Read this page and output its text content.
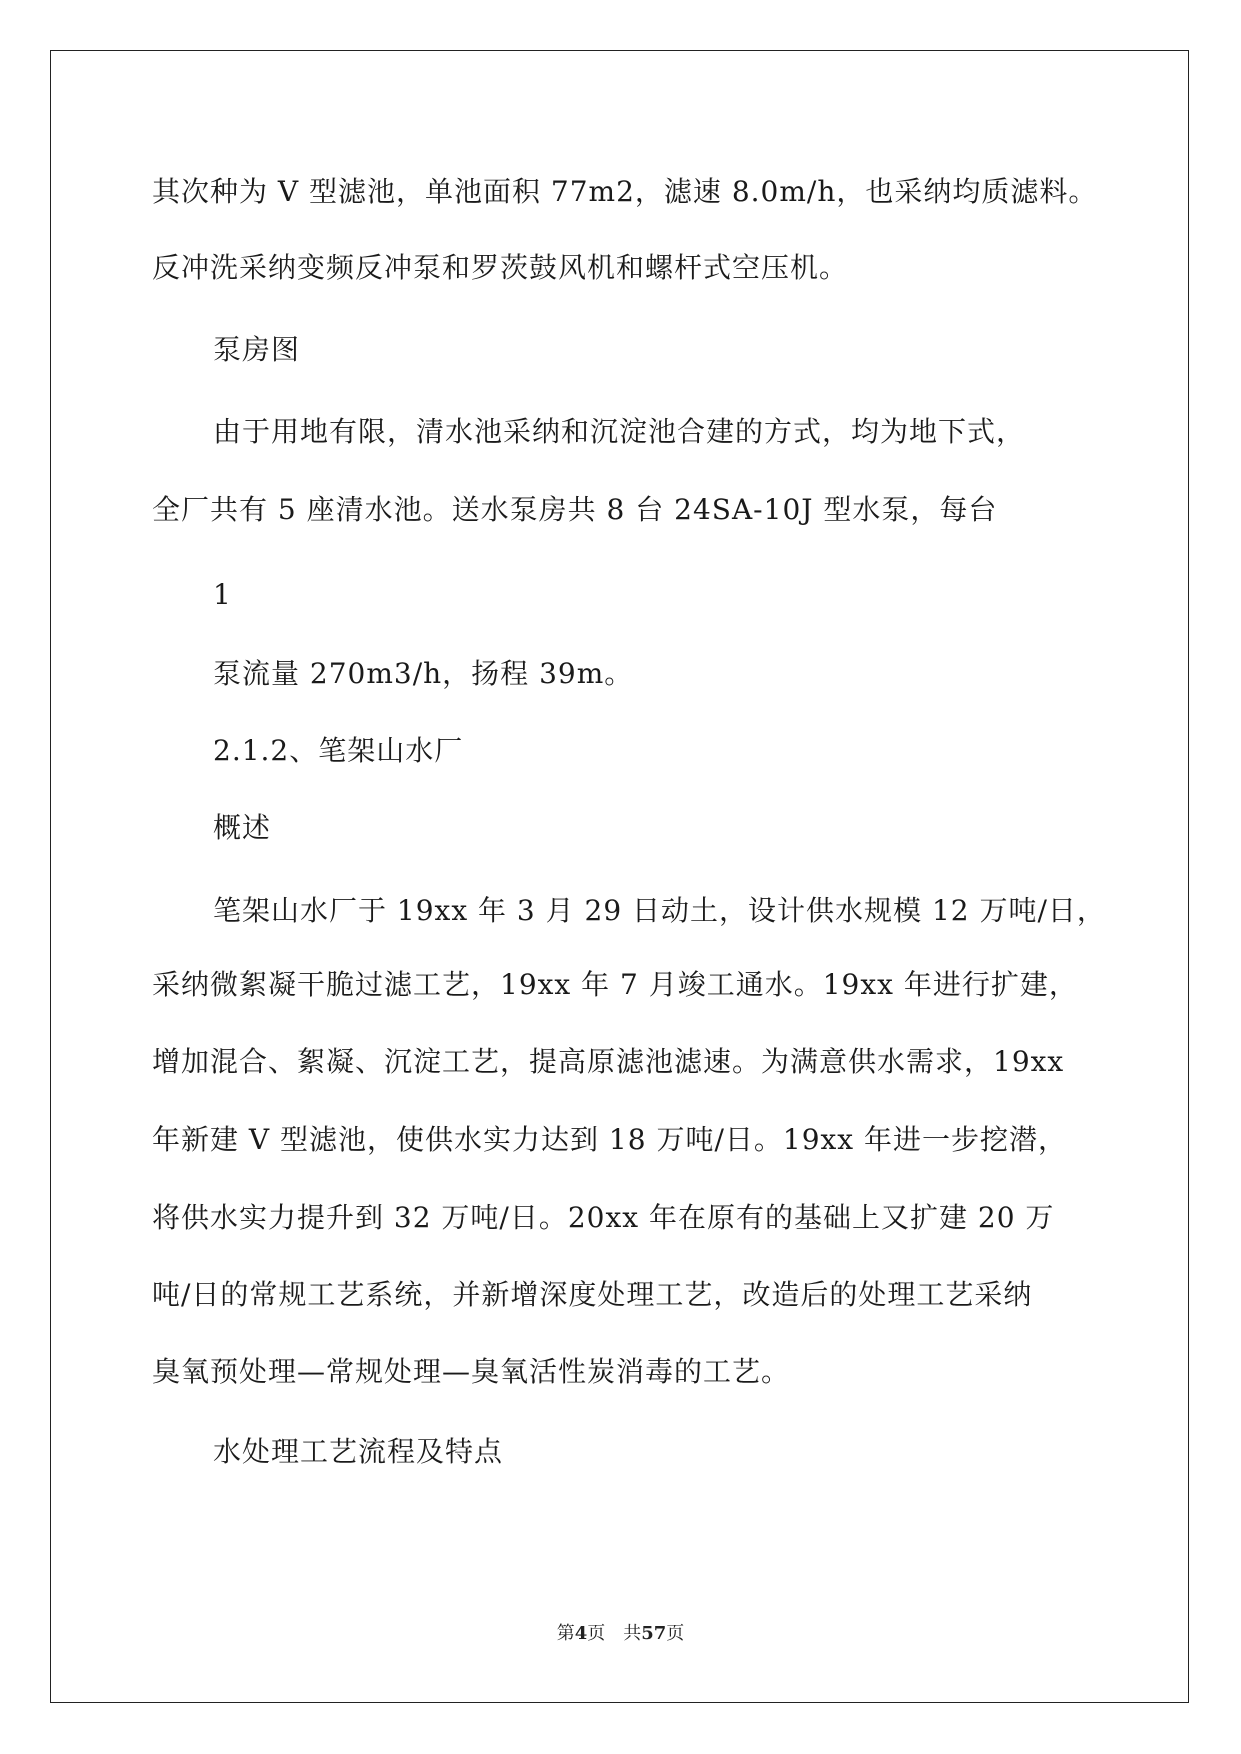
其次种为 V 型滤池，单池面积 77m2，滤速 8.0m/h，也采纳均质滤料。
反冲洗采纳变频反冲泵和罗茨鼓风机和螺杆式空压机。
泵房图
由于用地有限，清水池采纳和沉淀池合建的方式，均为地下式，
全厂共有 5 座清水池。送水泵房共 8 台 24SA-10J 型水泵，每台
1
泵流量 270m3/h，扬程 39m。
2.1.2、笔架山水厂
概述
笔架山水厂于 19xx 年 3 月 29 日动土，设计供水规模 12 万吨/日，
采纳微絮凝干脆过滤工艺，19xx 年 7 月竣工通水。19xx 年进行扩建，
增加混合、絮凝、沉淀工艺，提高原滤池滤速。为满意供水需求，19xx
年新建 V 型滤池，使供水实力达到 18 万吨/日。19xx 年进一步挖潜，
将供水实力提升到 32 万吨/日。20xx 年在原有的基础上又扩建 20 万
吨/日的常规工艺系统，并新增深度处理工艺，改造后的处理工艺采纳
臭氧预处理—常规处理—臭氧活性炭消毒的工艺。
水处理工艺流程及特点
第4页 共57页
